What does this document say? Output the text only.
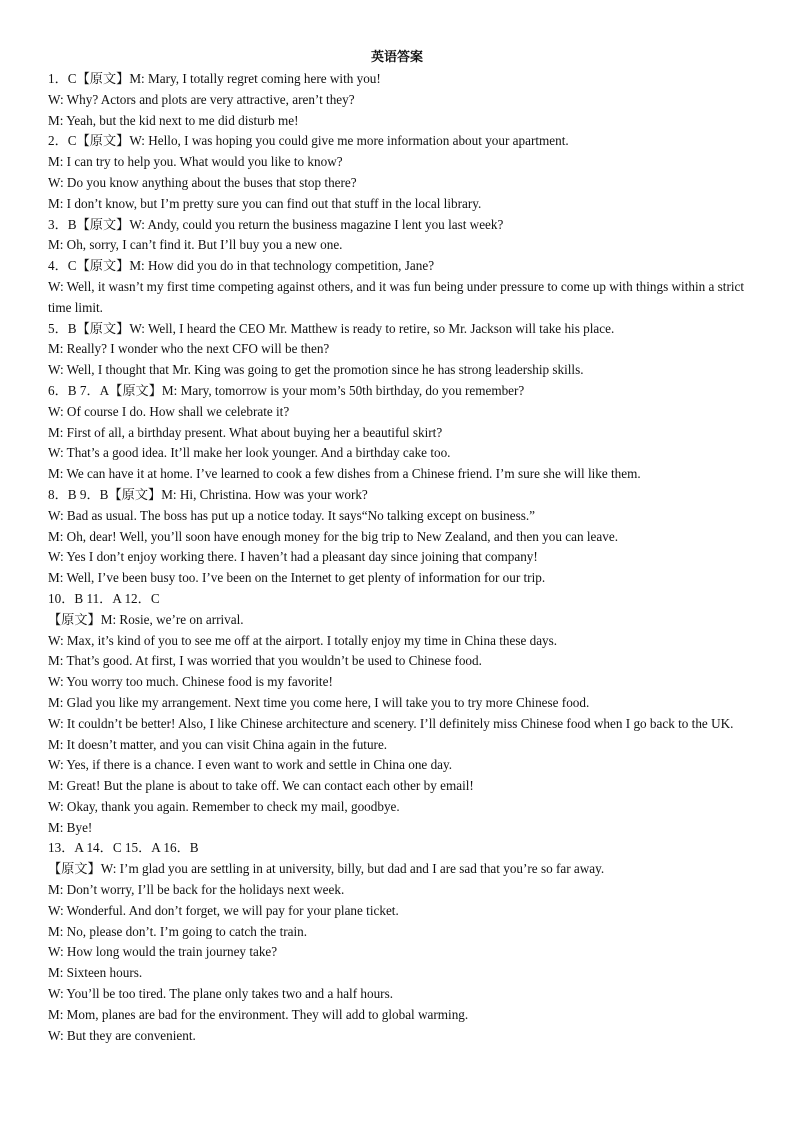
英语答案
1．C【原文】M: Mary, I totally regret coming here with you!
W: Why? Actors and plots are very attractive, aren’t they?
M: Yeah, but the kid next to me did disturb me!
2．C【原文】W: Hello, I was hoping you could give me more information about your apartment.
M: I can try to help you. What would you like to know?
W: Do you know anything about the buses that stop there?
M: I don’t know, but I’m pretty sure you can find out that stuff in the local library.
3．B【原文】W: Andy, could you return the business magazine I lent you last week?
M: Oh, sorry, I can’t find it. But I’ll buy you a new one.
4．C【原文】M: How did you do in that technology competition, Jane?
W: Well, it wasn’t my first time competing against others, and it was fun being under pressure to come up with things within a strict time limit.
5．B【原文】W: Well, I heard the CEO Mr. Matthew is ready to retire, so Mr. Jackson will take his place.
M: Really? I wonder who the next CFO will be then?
W: Well, I thought that Mr. King was going to get the promotion since he has strong leadership skills.
6．B 7．A【原文】M: Mary, tomorrow is your mom’s 50th birthday, do you remember?
W: Of course I do. How shall we celebrate it?
M: First of all, a birthday present. What about buying her a beautiful skirt?
W: That’s a good idea. It’ll make her look younger. And a birthday cake too.
M: We can have it at home. I’ve learned to cook a few dishes from a Chinese friend. I’m sure she will like them.
8．B 9．B【原文】M: Hi, Christina. How was your work?
W: Bad as usual. The boss has put up a notice today. It says“No talking except on business.”
M: Oh, dear! Well, you’ll soon have enough money for the big trip to New Zealand, and then you can leave.
W: Yes I don’t enjoy working there. I haven’t had a pleasant day since joining that company!
M: Well, I’ve been busy too. I’ve been on the Internet to get plenty of information for our trip.
10．B 11．A 12．C
【原文】M: Rosie, we’re on arrival.
W: Max, it’s kind of you to see me off at the airport. I totally enjoy my time in China these days.
M: That’s good. At first, I was worried that you wouldn’t be used to Chinese food.
W: You worry too much. Chinese food is my favorite!
M: Glad you like my arrangement. Next time you come here, I will take you to try more Chinese food.
W: It couldn’t be better! Also, I like Chinese architecture and scenery. I’ll definitely miss Chinese food when I go back to the UK.
M: It doesn’t matter, and you can visit China again in the future.
W: Yes, if there is a chance. I even want to work and settle in China one day.
M: Great! But the plane is about to take off. We can contact each other by email!
W: Okay, thank you again. Remember to check my mail, goodbye.
M: Bye!
13．A 14．C 15．A 16．B
【原文】W: I’m glad you are settling in at university, billy, but dad and I are sad that you’re so far away.
M: Don’t worry, I’ll be back for the holidays next week.
W: Wonderful. And don’t forget, we will pay for your plane ticket.
M: No, please don’t. I’m going to catch the train.
W: How long would the train journey take?
M: Sixteen hours.
W: You’ll be too tired. The plane only takes two and a half hours.
M: Mom, planes are bad for the environment. They will add to global warming.
W: But they are convenient.
